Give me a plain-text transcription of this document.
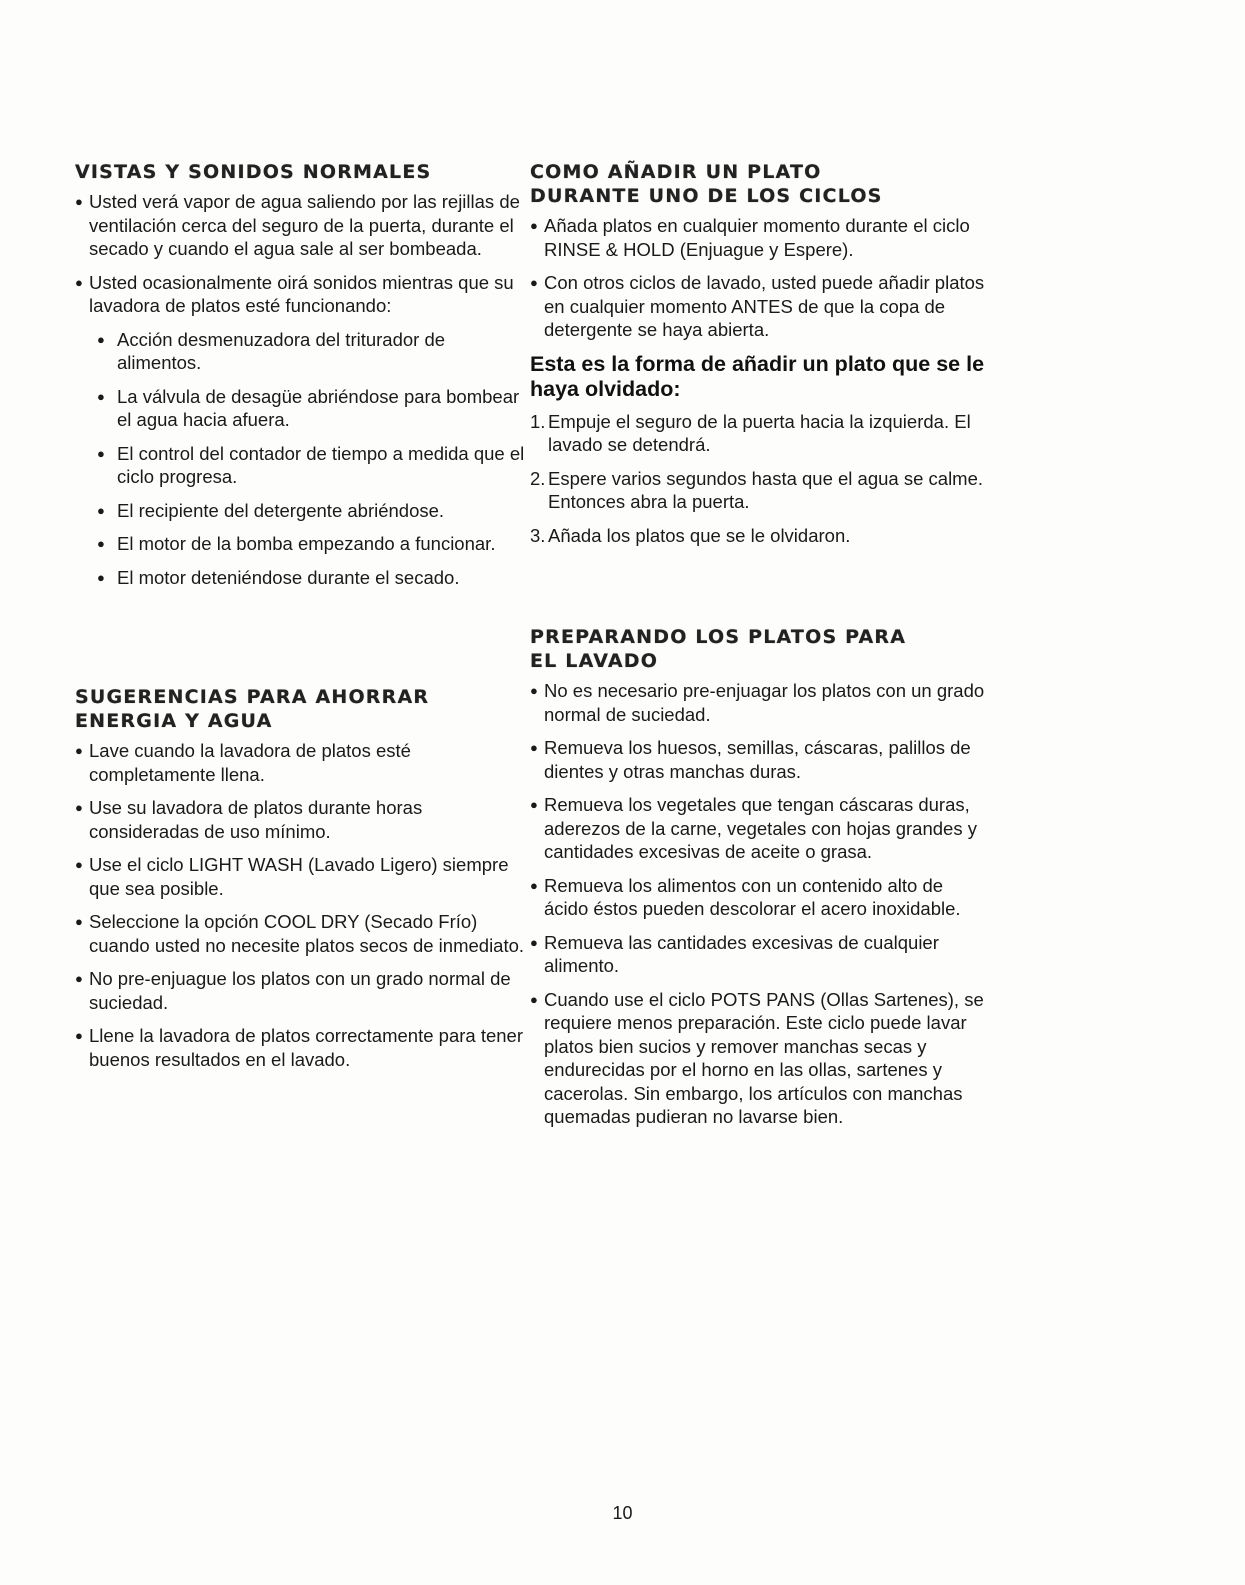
VISTAS Y SONIDOS NORMALES
● Usted verá vapor de agua saliendo por las rejillas de ventilación cerca del seguro de la puerta, durante el secado y cuando el agua sale al ser bombeada.
● Usted ocasionalmente oirá sonidos mientras que su lavadora de platos esté funcionando:
● Acción desmenuzadora del triturador de alimentos.
● La válvula de desagüe abriéndose para bombear el agua hacia afuera.
● El control del contador de tiempo a medida que el ciclo progresa.
● El recipiente del detergente abriéndose.
● El motor de la bomba empezando a funcionar.
● El motor deteniéndose durante el secado.
SUGERENCIAS PARA AHORRAR
ENERGIA Y AGUA
● Lave cuando la lavadora de platos esté completamente llena.
● Use su lavadora de platos durante horas consideradas de uso mínimo.
● Use el ciclo LIGHT WASH (Lavado Ligero) siempre que sea posible.
● Seleccione la opción COOL DRY (Secado Frío) cuando usted no necesite platos secos de inmediato.
● No pre-enjuague los platos con un grado normal de suciedad.
● Llene la lavadora de platos correctamente para tener buenos resultados en el lavado.
COMO AÑADIR UN PLATO
DURANTE UNO DE LOS CICLOS
● Añada platos en cualquier momento durante el ciclo RINSE & HOLD (Enjuague y Espere).
● Con otros ciclos de lavado, usted puede añadir platos en cualquier momento ANTES de que la copa de detergente se haya abierta.
Esta es la forma de añadir un plato que se le haya olvidado:
1. Empuje el seguro de la puerta hacia la izquierda. El lavado se detendrá.
2. Espere varios segundos hasta que el agua se calme. Entonces abra la puerta.
3. Añada los platos que se le olvidaron.
PREPARANDO LOS PLATOS PARA
EL LAVADO
● No es necesario pre-enjuagar los platos con un grado normal de suciedad.
● Remueva los huesos, semillas, cáscaras, palillos de dientes y otras manchas duras.
● Remueva los vegetales que tengan cáscaras duras, aderezos de la carne, vegetales con hojas grandes y cantidades excesivas de aceite o grasa.
● Remueva los alimentos con un contenido alto de ácido éstos pueden descolorar el acero inoxidable.
● Remueva las cantidades excesivas de cualquier alimento.
● Cuando use el ciclo POTS PANS (Ollas Sartenes), se requiere menos preparación. Este ciclo puede lavar platos bien sucios y remover manchas secas y endurecidas por el horno en las ollas, sartenes y cacerolas. Sin embargo, los artículos con manchas quemadas pudieran no lavarse bien.
10
